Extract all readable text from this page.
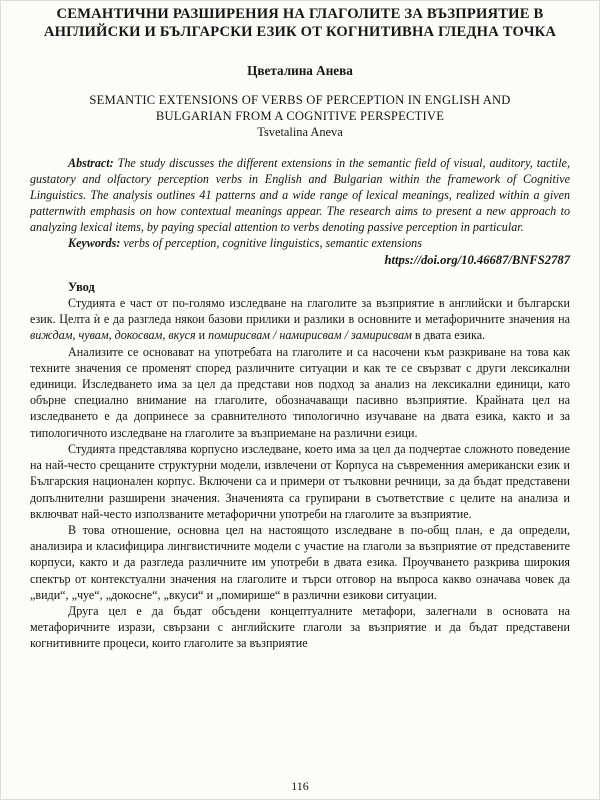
СЕМАНТИЧНИ РАЗШИРЕНИЯ НА ГЛАГОЛИТЕ ЗА ВЪЗПРИЯТИЕ В АНГЛИЙСКИ И БЪЛГАРСКИ ЕЗИК ОТ КОГНИТИВНА ГЛЕДНА ТОЧКА
Цветалина Анева
SEMANTIC EXTENSIONS OF VERBS OF PERCEPTION IN ENGLISH AND BULGARIAN FROM A COGNITIVE PERSPECTIVE
Tsvetalina Aneva

Abstract: The study discusses the different extensions in the semantic field of visual, auditory, tactile, gustatory and olfactory perception verbs in English and Bulgarian within the framework of Cognitive Linguistics. The analysis outlines 41 patterns and a wide range of lexical meanings, realized within a given patternwith emphasis on how contextual meanings appear. The research aims to present a new approach to analyzing lexical items, by paying special attention to verbs denoting passive perception in particular.

Keywords: verbs of perception, cognitive linguistics, semantic extensions

https://doi.org/10.46687/BNFS2787
Увод

Студията е част от по-голямо изследване на глаголите за възприятие в английски и български език. Целта ѝ е да разгледа някои базови прилики и разлики в основните и метафоричните значения на виждам, чувам, докосвам, вкуся и помирисвам / намирисвам / замирисвам в двата езика.

Анализите се основават на употребата на глаголите и са насочени към разкриване на това как техните значения се променят според различните ситуации и как те се свързват с други лексикални единици. Изследването има за цел да представи нов подход за анализ на лексикални единици, като обърне специално внимание на глаголите, обозначаващи пасивно възприятие. Крайната цел на изследването е да допринесе за сравнителното типологично изучаване на двата езика, както и за типологичното изследване на глаголите за възприемане на различни езици.

Студията представлява корпусно изследване, което има за цел да подчертае сложното поведение на най-често срещаните структурни модели, извлечени от Корпуса на съвременния американски език и Българския национален корпус. Включени са и примери от тълковни речници, за да бъдат представени допълнителни разширени значения. Значенията са групирани в съответствие с целите на анализа и включват най-често използваните метафорични употреби на глаголите за възприятие.

В това отношение, основна цел на настоящото изследване в по-общ план, е да определи, анализира и класифицира лингвистичните модели с участие на глаголи за възприятие от представените корпуси, както и да разгледа различните им употреби в двата езика. Проучването разкрива широкия спектър от контекстуални значения на глаголите и търси отговор на въпроса какво означава човек да „види“, „чуе“, „докосне“, „вкуси“ и „помирише“ в различни езикови ситуации.

Друга цел е да бъдат обсъдени концептуалните метафори, залегнали в основата на метафоричните изрази, свързани с английските глаголи за възприятие и да бъдат представени когнитивните процеси, които глаголите за възприятие

116
